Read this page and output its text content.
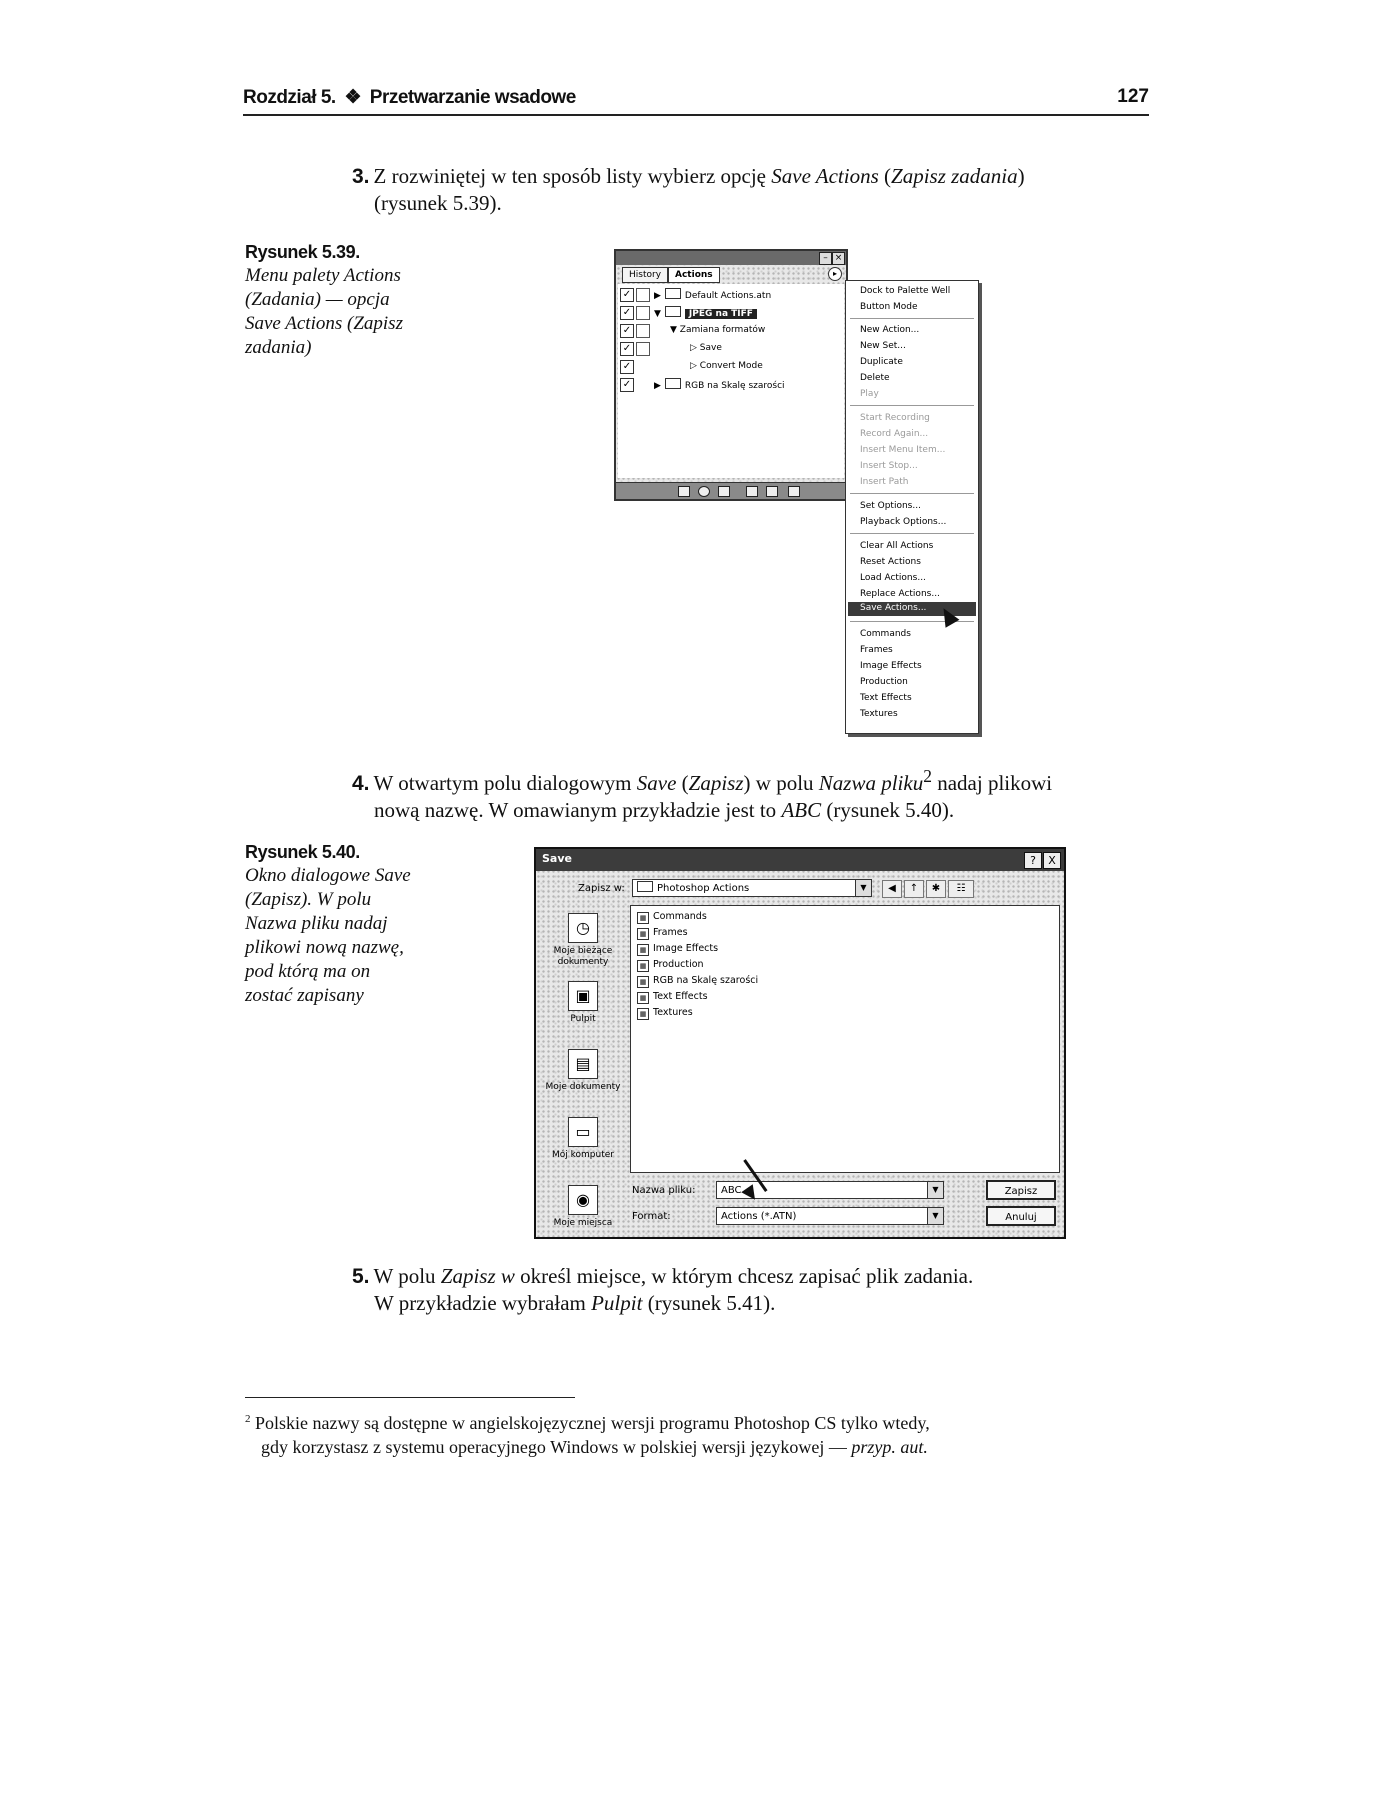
Rozdział 5. ❖ Przetwarzanie wsadowe	127
3. Z rozwiniętej w ten sposób listy wybierz opcję Save Actions (Zapisz zadania)
(rysunek 5.39).
Rysunek 5.39.
Menu palety Actions
(Zadania) — opcja
Save Actions (Zapisz
zadania)
– ×
History	Actions	▸
✓	▶	Default Actions.atn
✓	▼	JPEG na TIFF
✓	▼ Zamiana formatów
✓	▷ Save
✓	▷ Convert Mode
✓	▶	RGB na Skalę szarości
Dock to Palette Well
Button Mode
New Action...
New Set...
Duplicate
Delete
Play
Start Recording
Record Again...
Insert Menu Item...
Insert Stop...
Insert Path
Set Options...
Playback Options...
Clear All Actions
Reset Actions
Load Actions...
Replace Actions...
Save Actions...
Commands
Frames
Image Effects
Production
Text Effects
Textures
4. W otwartym polu dialogowym Save (Zapisz) w polu Nazwa pliku$^2$ nadaj plikowi
nową nazwę. W omawianym przykładzie jest to ABC (rysunek 5.40).
Rysunek 5.40.
Okno dialogowe Save
(Zapisz). W polu
Nazwa pliku nadaj
plikowi nową nazwę,
pod którą ma on
zostać zapisany
Save	?	X
Zapisz w:	Photoshop Actions	▼	◀	↑	✱	☷
◷
Moje bieżące dokumenty
▣
Pulpit
▤
Moje dokumenty
▭
Mój komputer
◉
Moje miejsca
▦ Commands
▦ Frames
▦ Image Effects
▦ Production
▦ RGB na Skalę szarości
▦ Text Effects
▦ Textures
Nazwa pliku:	ABC	▼
Format:	Actions (*.ATN)	▼
Zapisz
Anuluj
5. W polu Zapisz w określ miejsce, w którym chcesz zapisać plik zadania.
W przykładzie wybrałam Pulpit (rysunek 5.41).
$^2$ Polskie nazwy są dostępne w angielskojęzycznej wersji programu Photoshop CS tylko wtedy,
gdy korzystasz z systemu operacyjnego Windows w polskiej wersji językowej — przyp. aut.
